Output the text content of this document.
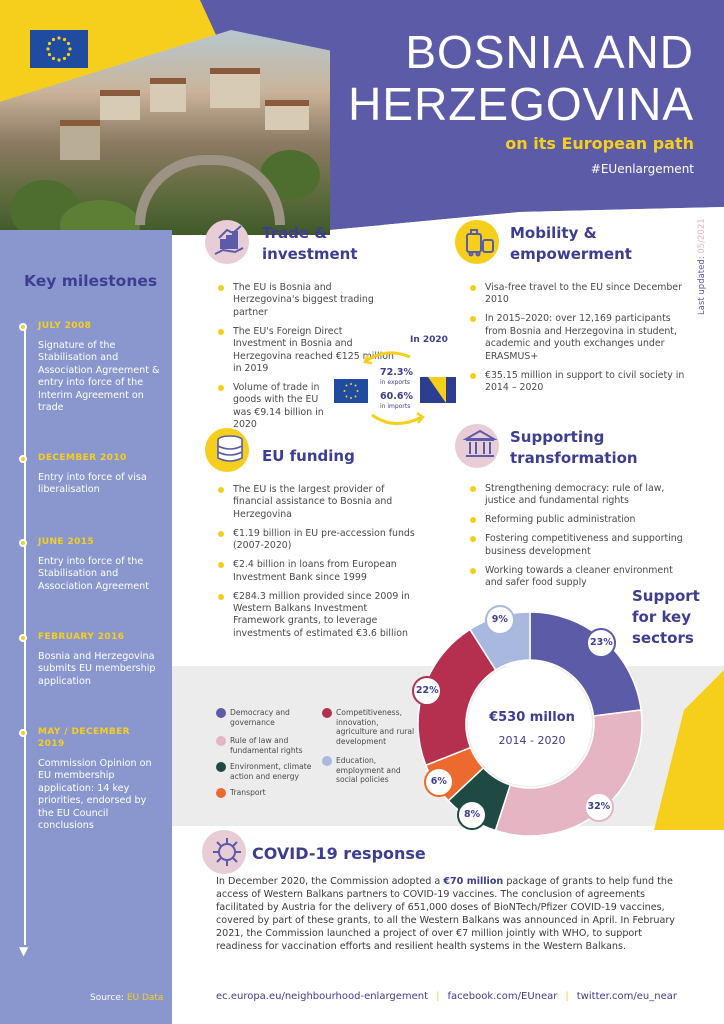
BOSNIA AND
HERZEGOVINA
on its European path
#EUenlargement
Key milestones
▼
JULY 2008
Signature of the Stabilisation and Association Agreement & entry into force of the Interim Agreement on trade
DECEMBER 2010
Entry into force of visa liberalisation
JUNE 2015
Entry into force of the Stabilisation and Association Agreement
FEBRUARY 2016
Bosnia and Herzegovina submits EU membership application
MAY / DECEMBER 2019
Commission Opinion on EU membership application: 14 key priorities, endorsed by the EU Council conclusions
Source: EU Data
Last updated: 05/2021
Trade &
investment
The EU is Bosnia and Herzegovina's biggest trading partner
The EU's Foreign Direct Investment in Bosnia and Herzegovina reached €125 million in 2019
Volume of trade in goods with the EU was €9.14 billion in 2020
In 2020
72.3%
in exports
60.6%
in imports
Mobility &
empowerment
Visa-free travel to the EU since December 2010
In 2015–2020: over 12,169 participants from Bosnia and Herzegovina in student, academic and youth exchanges under ERASMUS+
€35.15 million in support to civil society in 2014 – 2020
EU funding
The EU is the largest provider of financial assistance to Bosnia and Herzegovina
€1.19 billion in EU pre-accession funds (2007-2020)
€2.4 billion in loans from European Investment Bank since 1999
€284.3 million provided since 2009 in Western Balkans Investment Framework grants, to leverage investments of estimated €3.6 billion
Supporting
transformation
Strengthening democracy: rule of law, justice and fundamental rights
Reforming public administration
Fostering competitiveness and supporting business development
Working towards a cleaner environment and safer food supply
Support
for key
sectors
Democracy and governance
Rule of law and fundamental rights
Environment, climate action and energy
Transport
Competitiveness, innovation, agriculture and rural development
Education, employment and social policies
23%
32%
8%
6%
22%
9%
€530 millon
2014 - 2020
COVID-19 response
In December 2020, the Commission adopted a €70 million package of grants to help fund the access of Western Balkans partners to COVID-19 vaccines. The conclusion of agreements facilitated by Austria for the delivery of 651,000 doses of BioNTech/Pfizer COVID-19 vaccines, covered by part of these grants, to all the Western Balkans was announced in April. In February 2021, the Commission launched a project of over €7 million jointly with WHO, to support readiness for vaccination efforts and resilient health systems in the Western Balkans.
ec.europa.eu/neighbourhood-enlargement | facebook.com/EUnear | twitter.com/eu_near
